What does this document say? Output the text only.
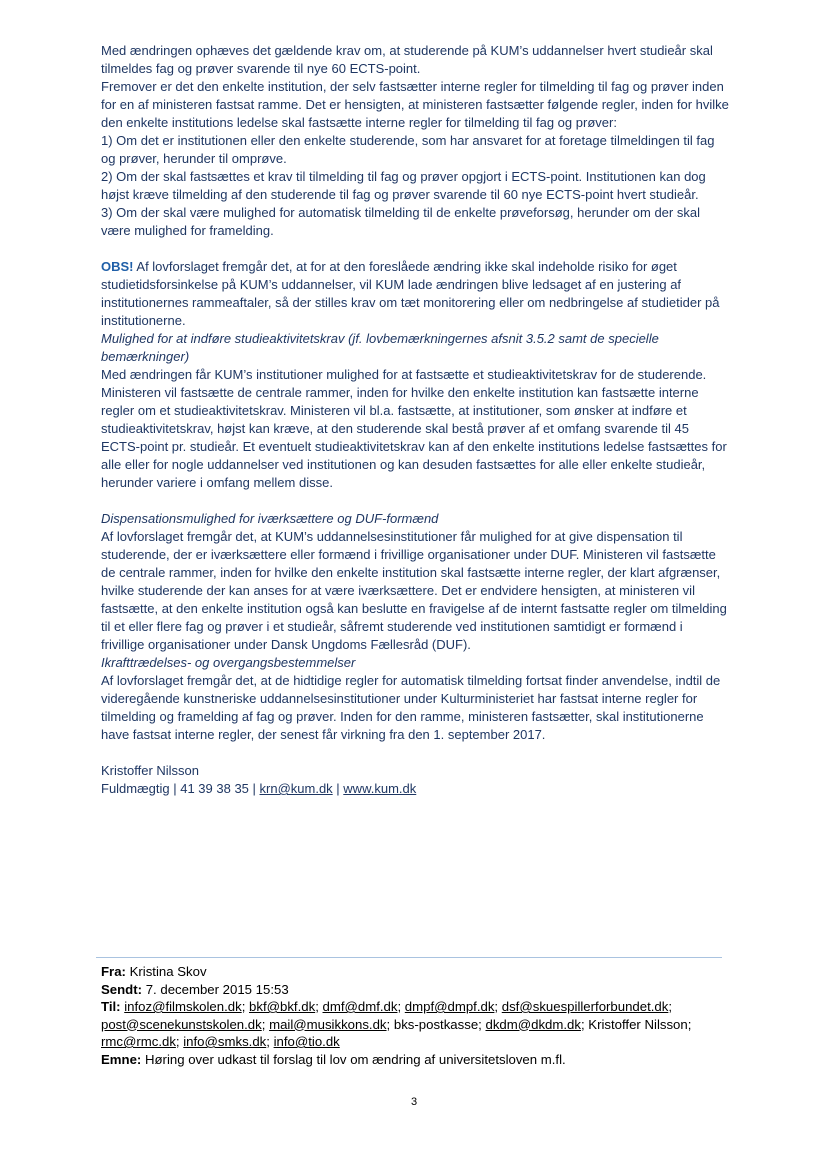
Med ændringen ophæves det gældende krav om, at studerende på KUM’s uddannelser hvert studieår skal tilmeldes fag og prøver svarende til nye 60 ECTS-point.

Fremover er det den enkelte institution, der selv fastsætter interne regler for tilmelding til fag og prøver inden for en af ministeren fastsat ramme. Det er hensigten, at ministeren fastsætter følgende regler, inden for hvilke den enkelte institutions ledelse skal fastsætte interne regler for tilmelding til fag og prøver:

1) Om det er institutionen eller den enkelte studerende, som har ansvaret for at foretage tilmeldingen til fag og prøver, herunder til omprøve.

2) Om der skal fastsættes et krav til tilmelding til fag og prøver opgjort i ECTS-point. Institutionen kan dog højst kræve tilmelding af den studerende til fag og prøver svarende til 60 nye ECTS-point hvert studieår.

3) Om der skal være mulighed for automatisk tilmelding til de enkelte prøveforsøg, herunder om der skal være mulighed for framelding.

OBS! Af lovforslaget fremgår det, at for at den foreslåede ændring ikke skal indeholde risiko for øget studietidsforsinkelse på KUM’s uddannelser, vil KUM lade ændringen blive ledsaget af en justering af institutionernes rammeaftaler, så der stilles krav om tæt monitorering eller om nedbringelse af studietider på institutionerne.

Mulighed for at indføre studieaktivitetskrav (jf. lovbemærkningernes afsnit 3.5.2 samt de specielle bemærkninger)

Med ændringen får KUM’s institutioner mulighed for at fastsætte et studieaktivitetskrav for de studerende. Ministeren vil fastsætte de centrale rammer, inden for hvilke den enkelte institution kan fastsætte interne regler om et studieaktivitetskrav. Ministeren vil bl.a. fastsætte, at institutioner, som ønsker at indføre et studieaktivitetskrav, højst kan kræve, at den studerende skal bestå prøver af et omfang svarende til 45 ECTS-point pr. studieår. Et eventuelt studieaktivitetskrav kan af den enkelte institutions ledelse fastsættes for alle eller for nogle uddannelser ved institutionen og kan desuden fastsættes for alle eller enkelte studieår, herunder variere i omfang mellem disse.

Dispensationsmulighed for iværksættere og DUF-formænd

Af lovforslaget fremgår det, at KUM’s uddannelsesinstitutioner får mulighed for at give dispensation til studerende, der er iværksættere eller formænd i frivillige organisationer under DUF. Ministeren vil fastsætte de centrale rammer, inden for hvilke den enkelte institution skal fastsætte interne regler, der klart afgrænser, hvilke studerende der kan anses for at være iværksættere. Det er endvidere hensigten, at ministeren vil fastsætte, at den enkelte institution også kan beslutte en fravigelse af de internt fastsatte regler om tilmelding til et eller flere fag og prøver i et studieår, såfremt studerende ved institutionen samtidigt er formænd i frivillige organisationer under Dansk Ungdoms Fællesråd (DUF).

Ikrafttrædelses- og overgangsbestemmelser

Af lovforslaget fremgår det, at de hidtidige regler for automatisk tilmelding fortsat finder anvendelse, indtil de videregående kunstneriske uddannelsesinstitutioner under Kulturministeriet har fastsat interne regler for tilmelding og framelding af fag og prøver. Inden for den ramme, ministeren fastsætter, skal institutionerne have fastsat interne regler, der senest får virkning fra den 1. september 2017.

Kristoffer Nilsson

Fuldmægtig | 41 39 38 35 | krn@kum.dk | www.kum.dk

Fra: Kristina Skov

Sendt: 7. december 2015 15:53

Til: infoz@filmskolen.dk; bkf@bkf.dk; dmf@dmf.dk; dmpf@dmpf.dk; dsf@skuespillerforbundet.dk; post@scenekunstskolen.dk; mail@musikkons.dk; bks-postkasse; dkdm@dkdm.dk; Kristoffer Nilsson; rmc@rmc.dk; info@smks.dk; info@tio.dk

Emne: Høring over udkast til forslag til lov om ændring af universitetsloven m.fl.

3
